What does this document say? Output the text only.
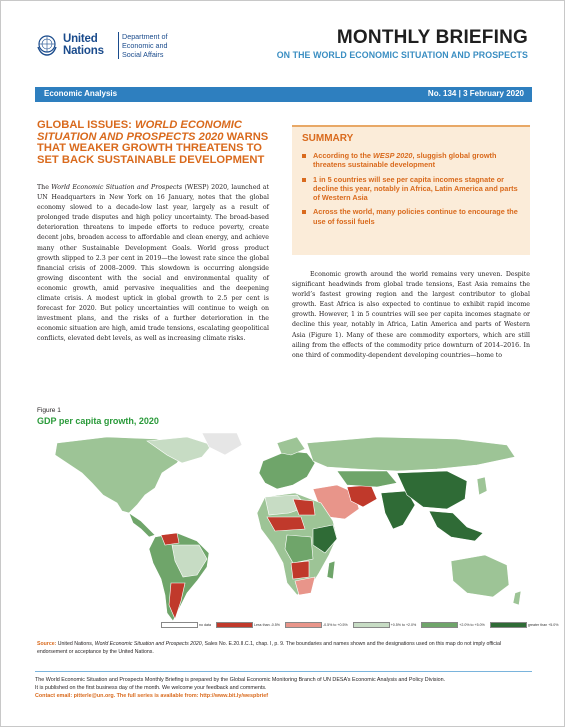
United
Nations
Department of
Economic and
Social Affairs
MONTHLY BRIEFING
ON THE WORLD ECONOMIC SITUATION AND PROSPECTS
Economic Analysis	No. 134 | 3 February 2020
GLOBAL ISSUES: WORLD ECONOMIC SITUATION AND PROSPECTS 2020 WARNS THAT WEAKER GROWTH THREATENS TO SET BACK SUSTAINABLE DEVELOPMENT
The World Economic Situation and Prospects (WESP) 2020, launched at UN Headquarters in New York on 16 January, notes that the global economy slowed to a decade-low last year, largely as a result of prolonged trade disputes and high policy uncertainty. The broad-based deterioration threatens to impede efforts to reduce poverty, create decent jobs, broaden access to affordable and clean energy, and achieve many other Sustainable Development Goals. World gross product growth slipped to 2.3 per cent in 2019—the lowest rate since the global financial crisis of 2008–2009. This slowdown is occurring alongside growing discontent with the social and environmental quality of economic growth, amid pervasive inequalities and the deepening climate crisis. A modest uptick in global growth to 2.5 per cent is forecast for 2020. But policy uncertainties will continue to weigh on investment plans, and the risks of a further deterioration in the economic situation are high, amid trade tensions, escalating geopolitical conflicts, elevated debt levels, as well as increasing climate risks.
SUMMARY
According to the WESP 2020, sluggish global growth threatens sustainable development
1 in 5 countries will see per capita incomes stagnate or decline this year, notably in Africa, Latin America and parts of Western Asia
Across the world, many policies continue to encourage the use of fossil fuels
Economic growth around the world remains very uneven. Despite significant headwinds from global trade tensions, East Asia remains the world’s fastest growing region and the largest contributor to global growth. East Africa is also expected to continue to exhibit rapid income growth. However, 1 in 5 countries will see per capita incomes stagnate or decline this year, notably in Africa, Latin America and parts of Western Asia (Figure 1). Many of these are commodity exporters, which are still ailing from the effects of the commodity price downturn of 2014–2016. In one third of commodity-dependent developing countries—home to
Figure 1
GDP per capita growth, 2020
no data	Less than -0.5%	-0.5% to +0.5%	+0.5% to +2.0%	+2.0% to +5.0%	greater than +5.0%
Source: United Nations, World Economic Situation and Prospects 2020, Sales No. E.20.II.C.1, chap. I, p. 9. The boundaries and names shown and the designations used on this map do not imply official endorsement or acceptance by the United Nations.
The World Economic Situation and Prospects Monthly Briefing is prepared by the Global Economic Monitoring Branch of UN DESA’s Economic Analysis and Policy Division.
It is published on the first business day of the month. We welcome your feedback and comments.
Contact email: pitterle@un.org. The full series is available from: http://www.bit.ly/wespbrief
